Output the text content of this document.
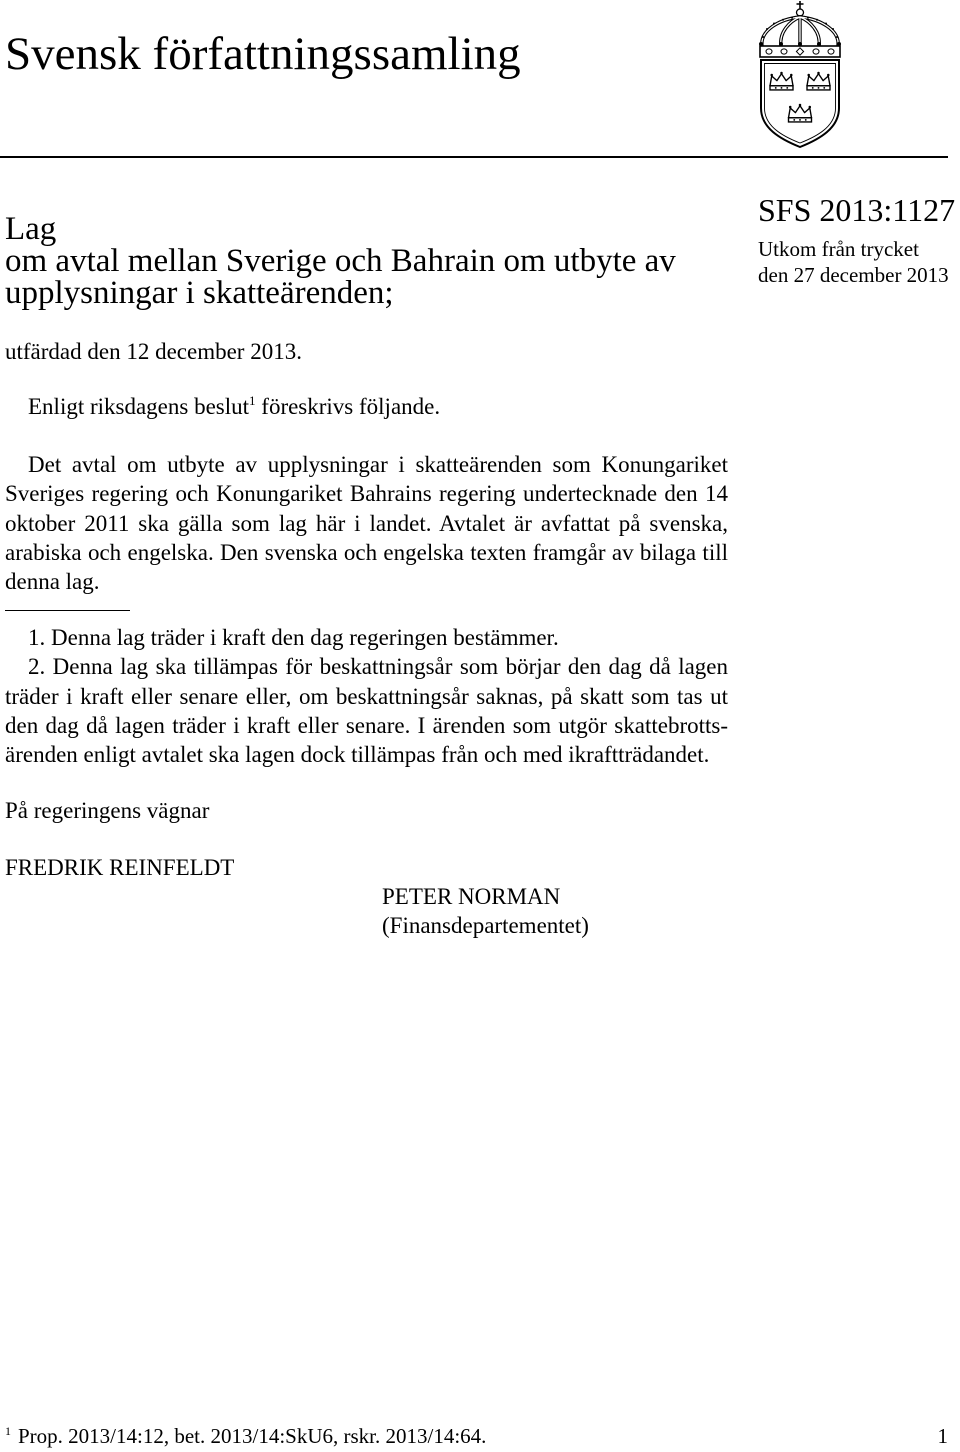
Svensk författningssamling
Lag
om avtal mellan Sverige och Bahrain om utbyte av
upplysningar i skatteärenden;
SFS 2013:1127
Utkom från trycket
den 27 december 2013
utfärdad den 12 december 2013.
Enligt riksdagens beslut$^1$ föreskrivs följande.
Det avtal om utbyte av upplysningar i skatteärenden som Konungariket
Sveriges regering och Konungariket Bahrains regering undertecknade den 14
oktober 2011 ska gälla som lag här i landet. Avtalet är avfattat på svenska,
arabiska och engelska. Den svenska och engelska texten framgår av bilaga till
denna lag.
1. Denna lag träder i kraft den dag regeringen bestämmer.
2. Denna lag ska tillämpas för beskattningsår som börjar den dag då lagen
träder i kraft eller senare eller, om beskattningsår saknas, på skatt som tas ut
den dag då lagen träder i kraft eller senare. I ärenden som utgör skattebrotts-
ärenden enligt avtalet ska lagen dock tillämpas från och med ikraftträdandet.
På regeringens vägnar
FREDRIK REINFELDT
PETER NORMAN
(Finansdepartementet)
$^1$ Prop. 2013/14:12, bet. 2013/14:SkU6, rskr. 2013/14:64.	1
